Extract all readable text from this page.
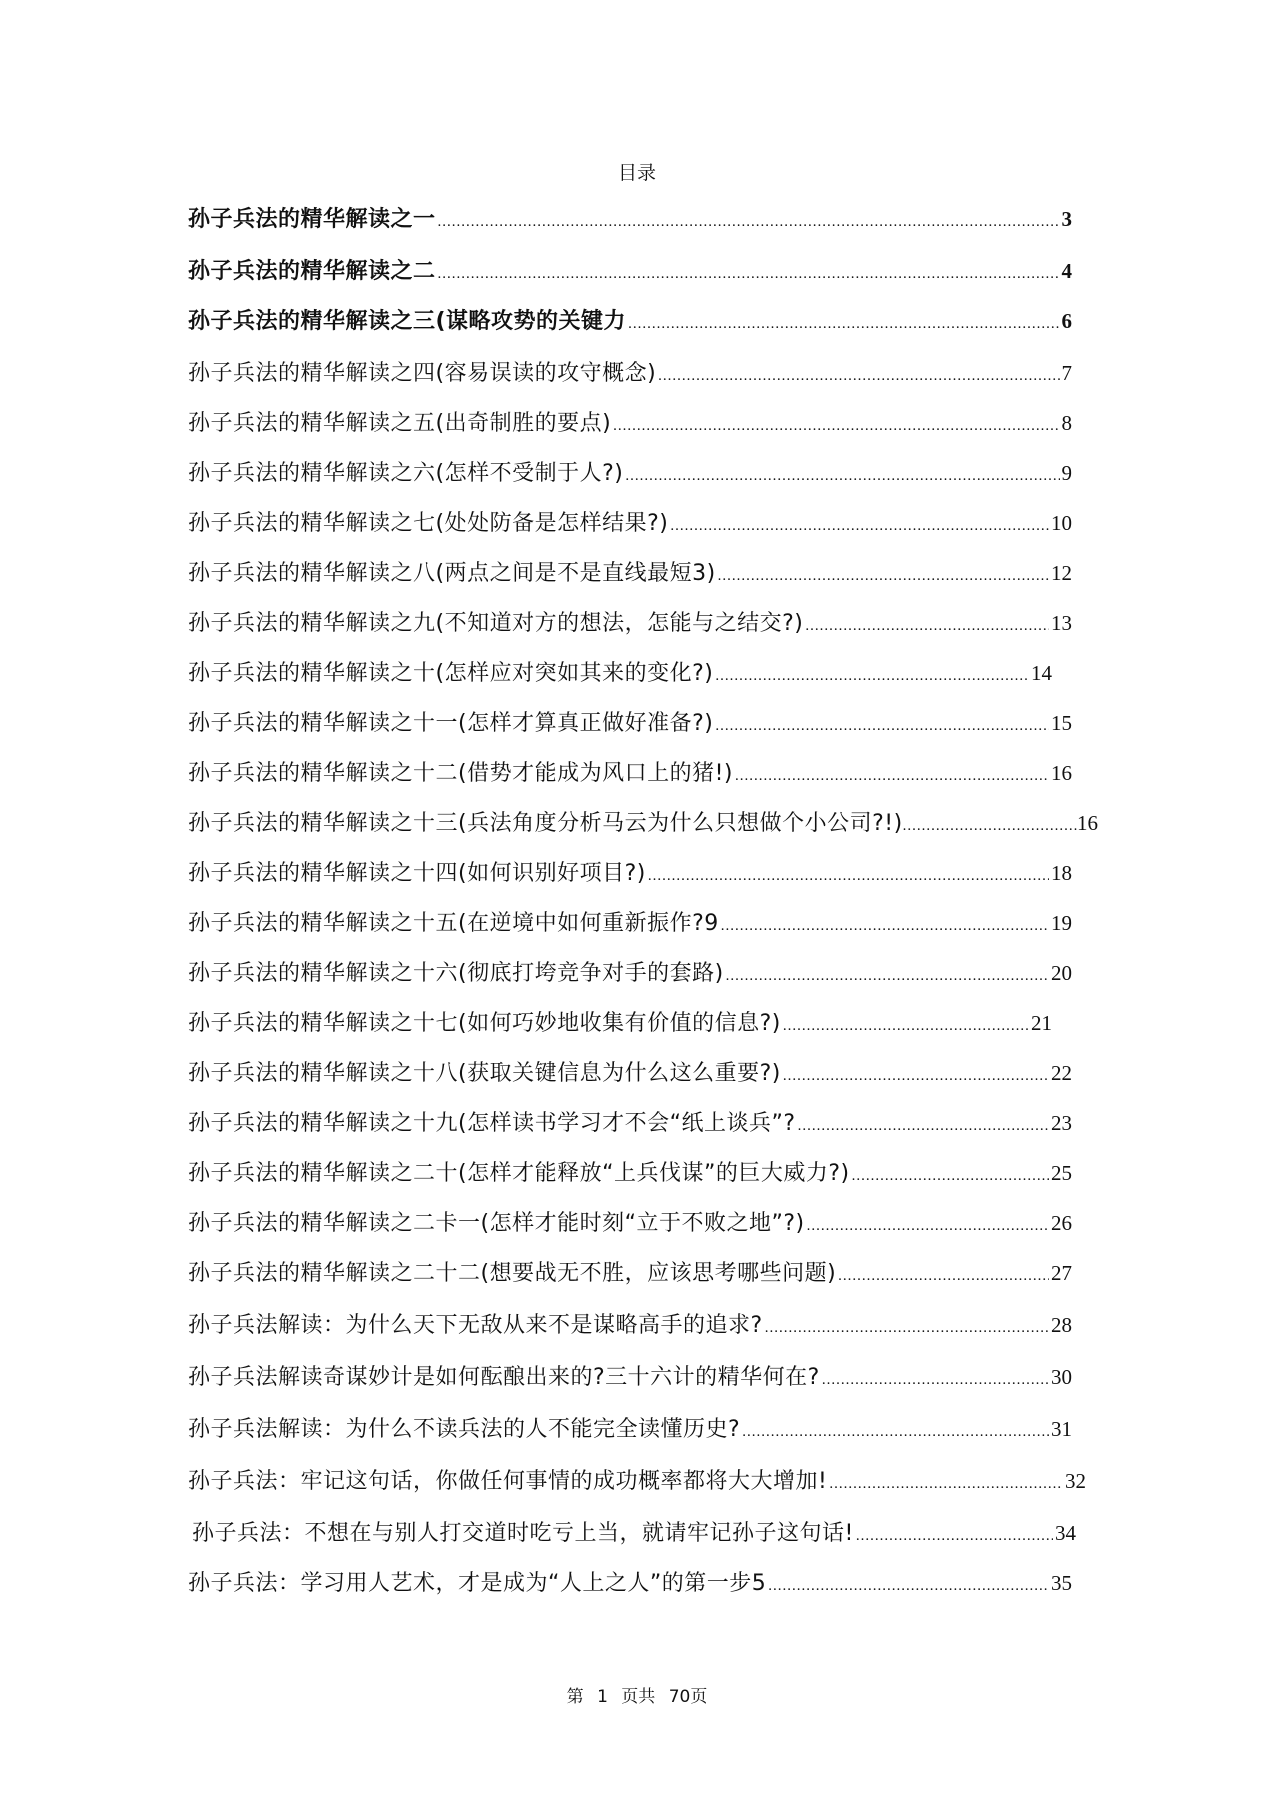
目录
孙子兵法的精华解读之一 .....	3
孙子兵法的精华解读之二 .....	4
孙子兵法的精华解读之三(谋略攻势的关键力 .....	6
孙子兵法的精华解读之四(容易误读的攻守概念) .....	7
孙子兵法的精华解读之五(出奇制胜的要点) .....	8
孙子兵法的精华解读之六(怎样不受制于人?) .....	9
孙子兵法的精华解读之七(处处防备是怎样结果?) .....	10
孙子兵法的精华解读之八(两点之间是不是直线最短3) .....	12
孙子兵法的精华解读之九(不知道对方的想法，怎能与之结交?) .....	13
孙子兵法的精华解读之十(怎样应对突如其来的变化?) .....	14
孙子兵法的精华解读之十一(怎样才算真正做好准备?) .....	15
孙子兵法的精华解读之十二(借势才能成为风口上的猪!) .....	16
孙子兵法的精华解读之十三(兵法角度分析马云为什么只想做个小公司?!) .....	16
孙子兵法的精华解读之十四(如何识别好项目?) .....	18
孙子兵法的精华解读之十五(在逆境中如何重新振作?9 .....	19
孙子兵法的精华解读之十六(彻底打垮竞争对手的套路) .....	20
孙子兵法的精华解读之十七(如何巧妙地收集有价值的信息?) .....	21
孙子兵法的精华解读之十八(获取关键信息为什么这么重要?) .....	22
孙子兵法的精华解读之十九(怎样读书学习才不会“纸上谈兵”? .....	23
孙子兵法的精华解读之二十(怎样才能释放“上兵伐谋”的巨大威力?) .....	25
孙子兵法的精华解读之二卡一(怎样才能时刻“立于不败之地”?) .....	26
孙子兵法的精华解读之二十二(想要战无不胜，应该思考哪些问题) .....	27
孙子兵法解读：为什么天下无敌从来不是谋略高手的追求? .....	28
孙子兵法解读奇谋妙计是如何酝酿出来的?三十六计的精华何在? .....	30
孙子兵法解读：为什么不读兵法的人不能完全读懂历史? .....	31
孙子兵法：牢记这句话，你做任何事情的成功概率都将大大增加! .....	32
孙子兵法：不想在与别人打交道时吃亏上当，就请牢记孙子这句话! .....	34
孙子兵法：学习用人艺术，才是成为“人上之人”的第一步5 .....	35
第 1 页共 70页
